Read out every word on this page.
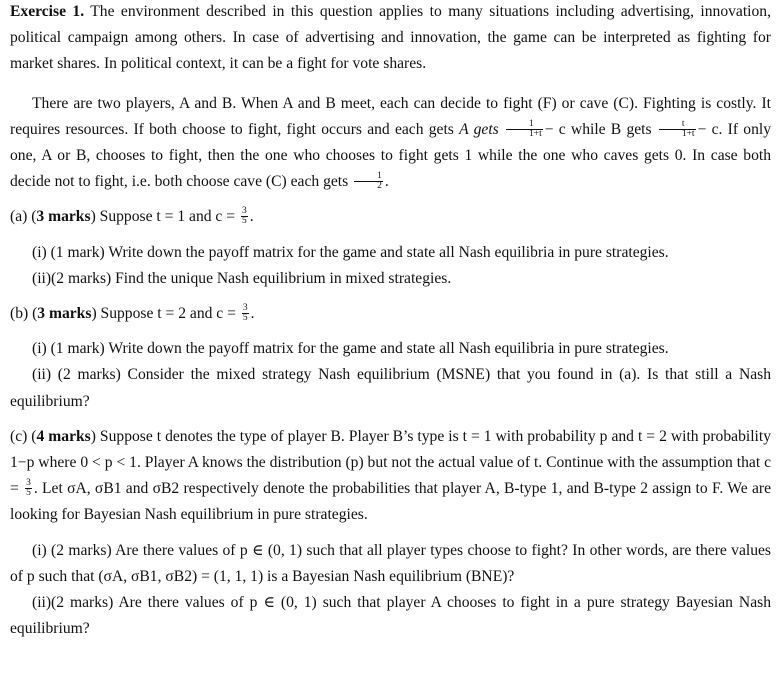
Exercise 1. The environment described in this question applies to many situations including advertising, innovation, political campaign among others. In case of advertising and innovation, the game can be interpreted as fighting for market shares. In political context, it can be a fight for vote shares.

There are two players, A and B. When A and B meet, each can decide to fight (F) or cave (C). Fighting is costly. It requires resources. If both choose to fight, fight occurs and each gets A gets $\frac{1}{1+t} - c$ while B gets $\frac{t}{1+t} - c$. If only one, A or B, chooses to fight, then the one who chooses to fight gets 1 while the one who caves gets 0. In case both decide not to fight, i.e. both choose cave (C) each gets $\frac{1}{2}$ .

(a) (3 marks) Suppose t = 1 and $c = \frac{3}{5}$ .

(i) (1 mark) Write down the payoff matrix for the game and state all Nash equilibria in pure strategies.

(ii)(2 marks) Find the unique Nash equilibrium in mixed strategies.

(b) (3 marks) Suppose t = 2 and $c = \frac{3}{5}$ .

(i) (1 mark) Write down the payoff matrix for the game and state all Nash equilibria in pure strategies.

(ii) (2 marks) Consider the mixed strategy Nash equilibrium (MSNE) that you found in (a). Is that still a Nash equilibrium?

(c) (4 marks) Suppose t denotes the type of player B. Player B’s type is t = 1 with probability p and t = 2 with probability 1−p where 0 < p < 1. Player A knows the distribution (p) but not the actual value of t. Continue with the assumption that $c = \frac{3}{5}$ . Let σA, σB1 and σB2 respectively denote the probabilities that player A, B-type 1, and B-type 2 assign to F. We are looking for Bayesian Nash equilibrium in pure strategies.

(i) (2 marks) Are there values of p ∈ (0, 1) such that all player types choose to fight? In other words, are there values of p such that (σA, σB1, σB2) = (1, 1, 1) is a Bayesian Nash equilibrium (BNE)?

(ii)(2 marks) Are there values of p ∈ (0, 1) such that player A chooses to fight in a pure strategy Bayesian Nash equilibrium?
